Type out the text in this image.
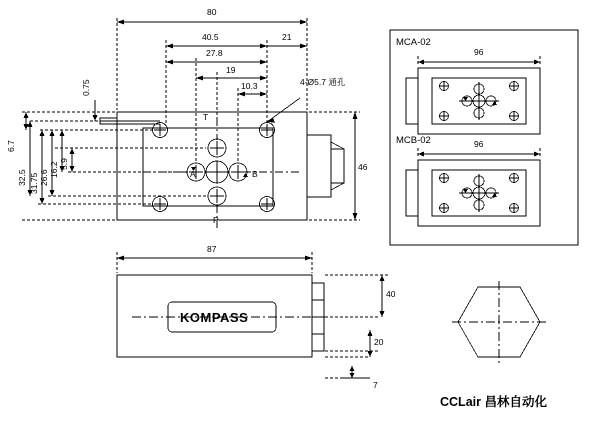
80
40.5	21
27.8
19
10.3	4-Ø5.7 通孔
46
6.7
0.75
5.9
16.2
26.6
31.75
32.5
T
P
A	B
87
40
20
7
MCA-02
MCB-02
96
96
KOMPASS
CCLair 昌林自动化
